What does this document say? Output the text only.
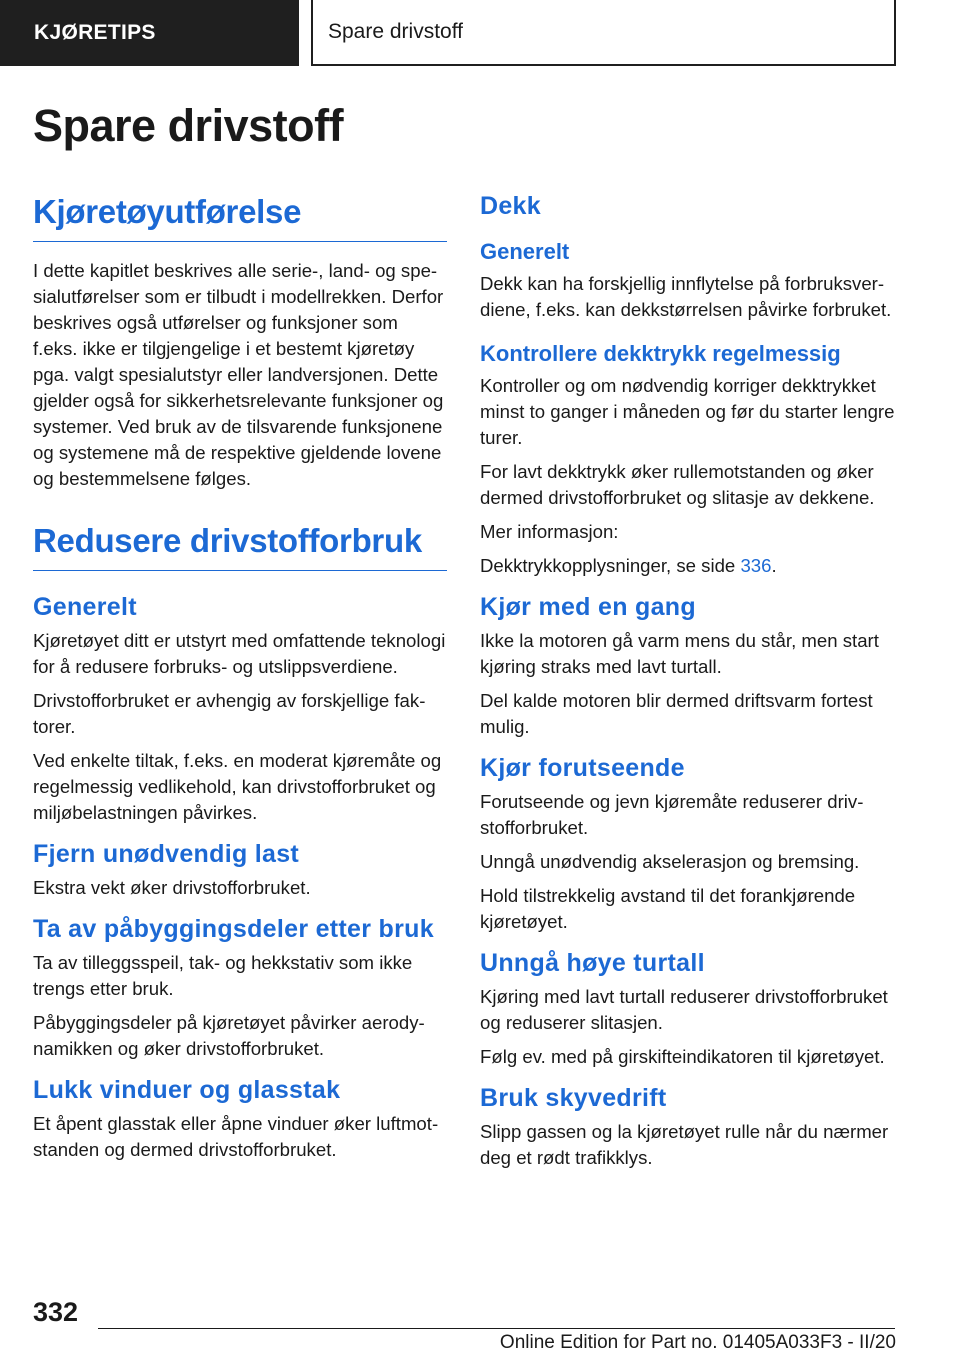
KJØRETIPS	Spare drivstoff
Spare drivstoff
Kjøretøyutførelse

I dette kapitlet beskrives alle serie-, land- og spesialutførelser som er tilbudt i modellrekken. Derfor beskrives også utførelser og funksjoner som f.eks. ikke er tilgjengelige i et bestemt kjøretøy pga. valgt spesialutstyr eller landversjonen. Dette gjelder også for sikkerhetsrelevante funksjoner og systemer. Ved bruk av de tilsvarende funksjonene og systemene må de respektive gjeldende lovene og bestemmelsene følges.

Redusere drivstofforbruk
Generelt

Kjøretøyet ditt er utstyrt med omfattende teknologi for å redusere forbruks- og utslippsverdiene.

Drivstofforbruket er avhengig av forskjellige faktorer.

Ved enkelte tiltak, f.eks. en moderat kjøremåte og regelmessig vedlikehold, kan drivstofforbruket og miljøbelastningen påvirkes.

Fjern unødvendig last

Ekstra vekt øker drivstofforbruket.

Ta av påbyggingsdeler etter bruk

Ta av tilleggsspeil, tak- og hekkstativ som ikke trengs etter bruk.

Påbyggingsdeler på kjøretøyet påvirker aerodynamikken og øker drivstofforbruket.

Lukk vinduer og glasstak

Et åpent glasstak eller åpne vinduer øker luftmotstanden og dermed drivstofforbruket.

Dekk
Generelt

Dekk kan ha forskjellig innflytelse på forbruksverdiene, f.eks. kan dekkstørrelsen påvirke forbruket.

Kontrollere dekktrykk regelmessig

Kontroller og om nødvendig korriger dekktrykket minst to ganger i måneden og før du starter lengre turer.

For lavt dekktrykk øker rullemotstanden og øker dermed drivstofforbruket og slitasje av dekkene.

Mer informasjon:

Dekktrykkopplysninger, se side 336.

Kjør med en gang

Ikke la motoren gå varm mens du står, men start kjøring straks med lavt turtall.

Del kalde motoren blir dermed driftsvarm fortest mulig.

Kjør forutseende

Forutseende og jevn kjøremåte reduserer drivstofforbruket.

Unngå unødvendig akselerasjon og bremsing.

Hold tilstrekkelig avstand til det forankjørende kjøretøyet.

Unngå høye turtall

Kjøring med lavt turtall reduserer drivstofforbruket og reduserer slitasjen.

Følg ev. med på girskifteindikatoren til kjøretøyet.

Bruk skyvedrift

Slipp gassen og la kjøretøyet rulle når du nærmer deg et rødt trafikklys.

332
Online Edition for Part no. 01405A033F3 - II/20
